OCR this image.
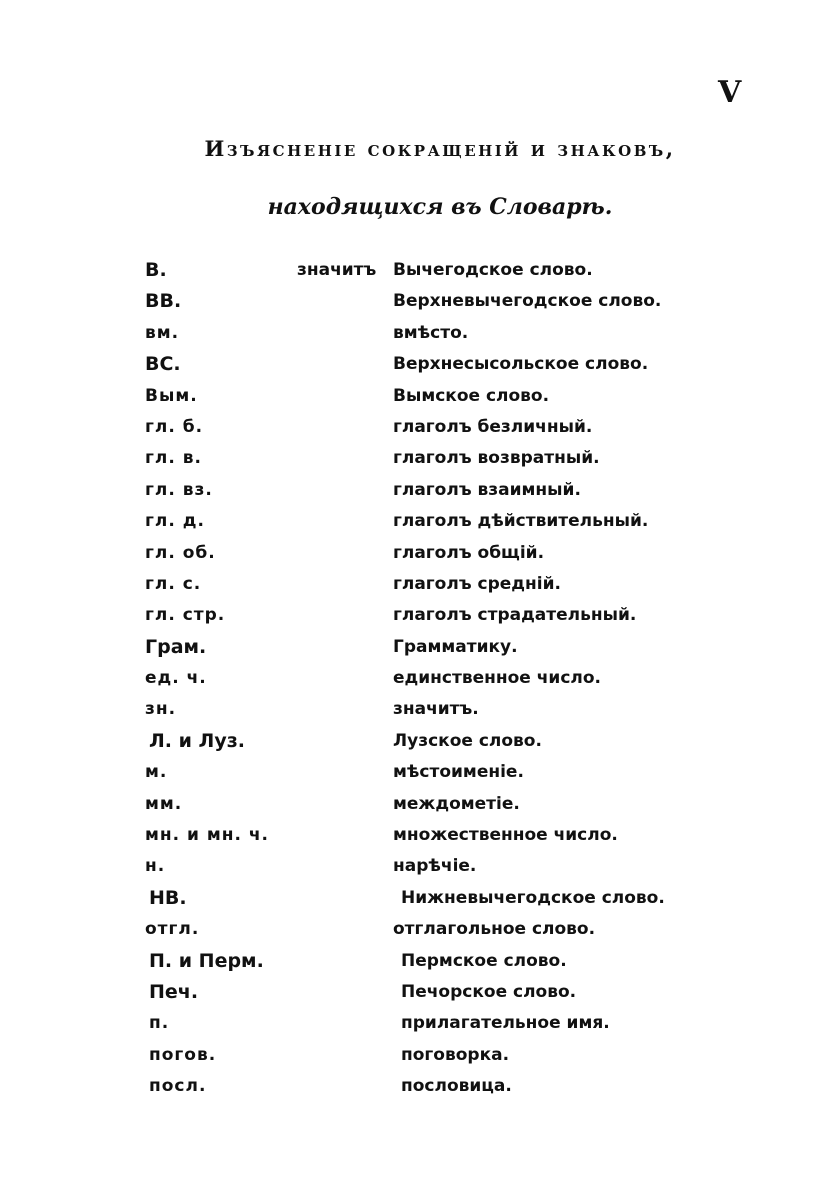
V
Изъясненіе сокращеній и знаковъ,
находящихся въ Словарѣ.
В.	значитъ Вычегодское слово.
ВВ.	Верхневычегодское слово.
вм.	вмѣсто.
ВС.	Верхнесысольское слово.
Вым.	Вымское слово.
гл. б.	глаголъ безличный.
гл. в.	глаголъ возвратный.
гл. вз.	глаголъ взаимный.
гл. д.	глаголъ дѣйствительный.
гл. об.	глаголъ общій.
гл. с.	глаголъ средній.
гл. стр.	глаголъ страдательный.
Грам.	Грамматику.
ед. ч.	единственное число.
зн.	значитъ.
Л. и Луз.	Лузское слово.
м.	мѣстоименіе.
мм.	междометіе.
мн. и мн. ч.	множественное число.
н.	нарѣчіе.
НВ.	Нижневычегодское слово.
отгл.	отглагольное слово.
П. и Перм.	Пермское слово.
Печ.	Печорское слово.
п.	прилагательное имя.
погов.	поговорка.
посл.	пословица.
